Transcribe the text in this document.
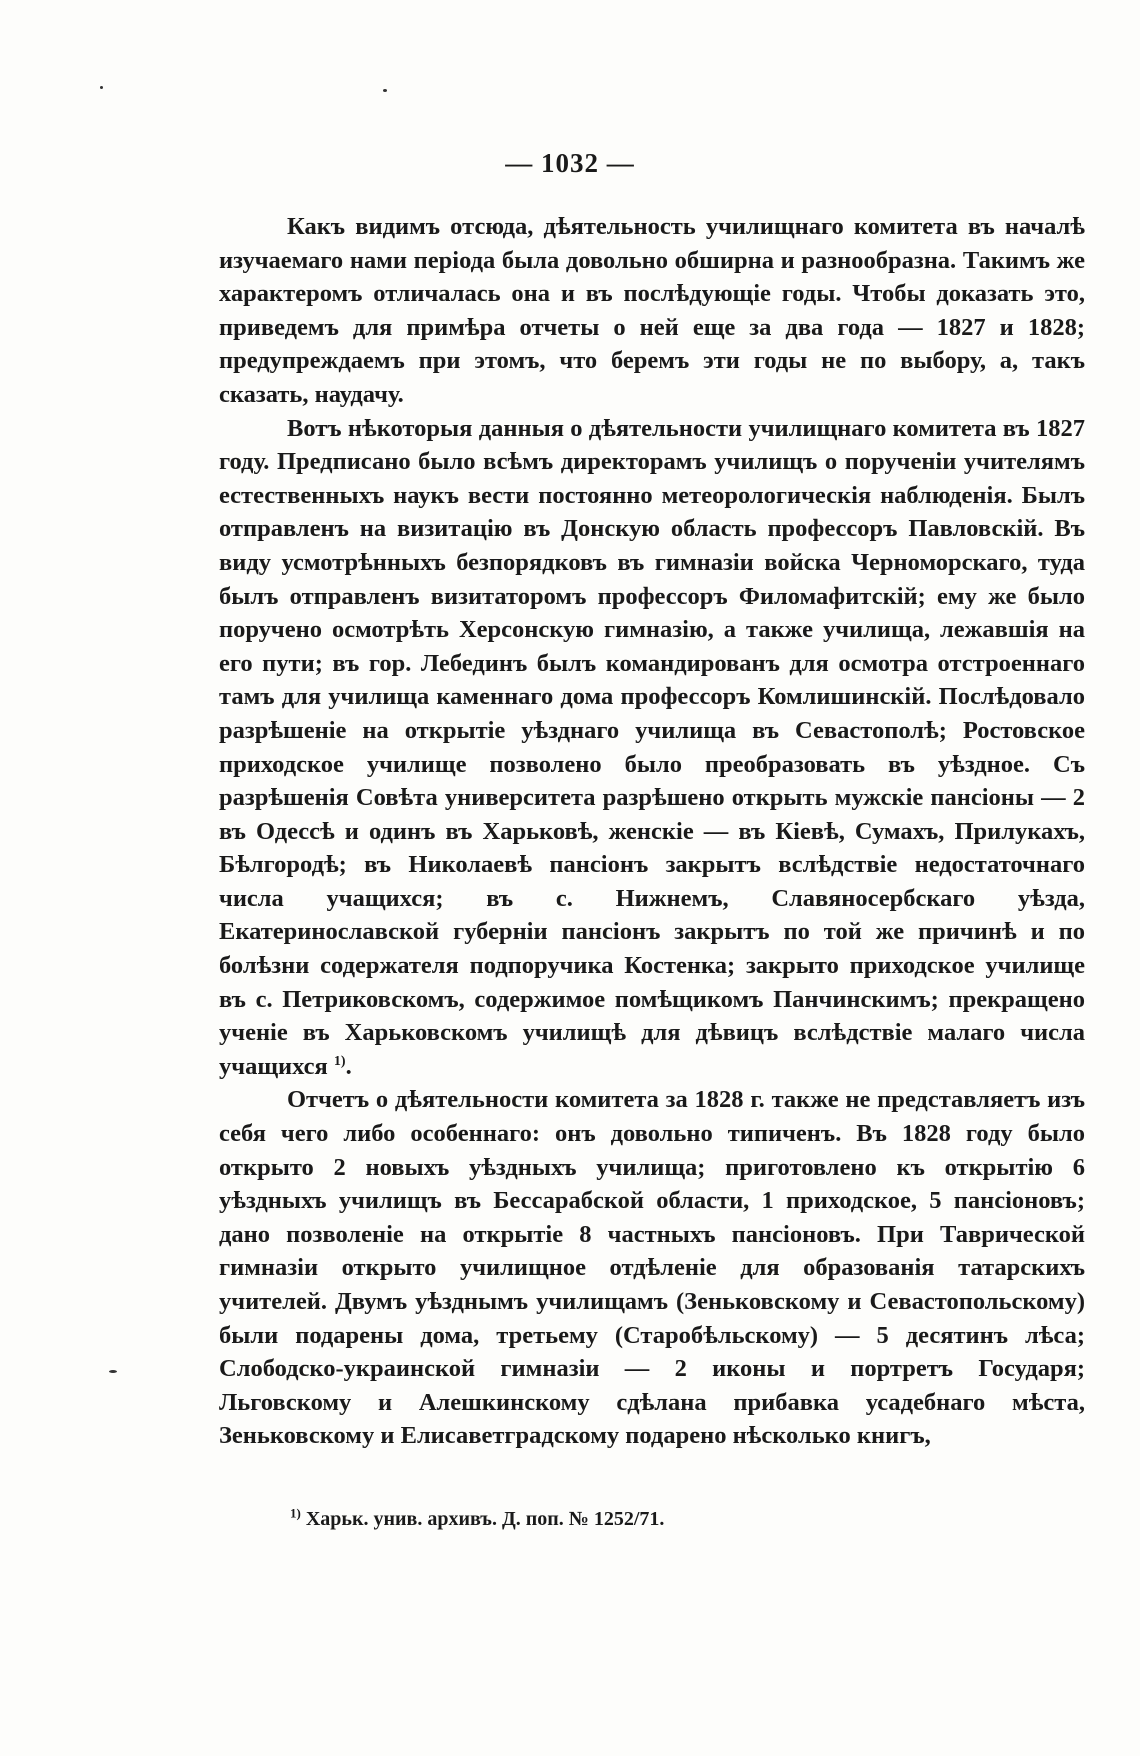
— 1032 —

Какъ видимъ отсюда, дѣятельность училищнаго комитета въ началѣ изучаемаго нами періода была довольно обширна и разнообразна. Такимъ же характеромъ отличалась она и въ послѣдующіе годы. Чтобы доказать это, приведемъ для примѣра отчеты о ней еще за два года — 1827 и 1828; предупреждаемъ при этомъ, что беремъ эти годы не по выбору, а, такъ сказать, наудачу.

Вотъ нѣкоторыя данныя о дѣятельности училищнаго комитета въ 1827 году. Предписано было всѣмъ директорамъ училищъ о порученіи учителямъ естественныхъ наукъ вести постоянно метеорологическія наблюденія. Былъ отправленъ на визитацію въ Донскую область профессоръ Павловскій. Въ виду усмотрѣнныхъ безпорядковъ въ гимназіи войска Черноморскаго, туда былъ отправленъ визитаторомъ профессоръ Филомафитскій; ему же было поручено осмотрѣть Херсонскую гимназію, а также училища, лежавшія на его пути; въ гор. Лебединъ былъ командированъ для осмотра отстроеннаго тамъ для училища каменнаго дома профессоръ Комлишинскій. Послѣдовало разрѣшеніе на открытіе уѣзднаго училища въ Севастополѣ; Ростовское приходское училище позволено было преобразовать въ уѣздное. Съ разрѣшенія Совѣта университета разрѣшено открыть мужскіе пансіоны — 2 въ Одессѣ и одинъ въ Харьковѣ, женскіе — въ Кіевѣ, Сумахъ, Прилукахъ, Бѣлгородѣ; въ Николаевѣ пансіонъ закрытъ вслѣдствіе недостаточнаго числа учащихся; въ с. Нижнемъ, Славяносербскаго уѣзда, Екатеринославской губерніи пансіонъ закрытъ по той же причинѣ и по болѣзни содержателя подпоручика Костенка; закрыто приходское училище въ с. Петриковскомъ, содержимое помѣщикомъ Панчинскимъ; прекращено ученіе въ Харьковскомъ училищѣ для дѣвицъ вслѣдствіе малаго числа учащихся $^{1)}$.

Отчетъ о дѣятельности комитета за 1828 г. также не представляетъ изъ себя чего либо особеннаго: онъ довольно типиченъ. Въ 1828 году было открыто 2 новыхъ уѣздныхъ училища; приготовлено къ открытію 6 уѣздныхъ училищъ въ Бессарабской области, 1 приходское, 5 пансіоновъ; дано позволеніе на открытіе 8 частныхъ пансіоновъ. При Таврической гимназіи открыто училищное отдѣленіе для образованія татарскихъ учителей. Двумъ уѣзднымъ училищамъ (Зеньковскому и Севастопольскому) были подарены дома, третьему (Старобѣльскому) — 5 десятинъ лѣса; Слободско-украинской гимназіи — 2 иконы и портретъ Государя; Льговскому и Алешкинскому сдѣлана прибавка усадебнаго мѣста, Зеньковскому и Елисаветградскому подарено нѣсколько книгъ,

$^{1)}$ Харьк. унив. архивъ. Д. поп. № 1252/71.
